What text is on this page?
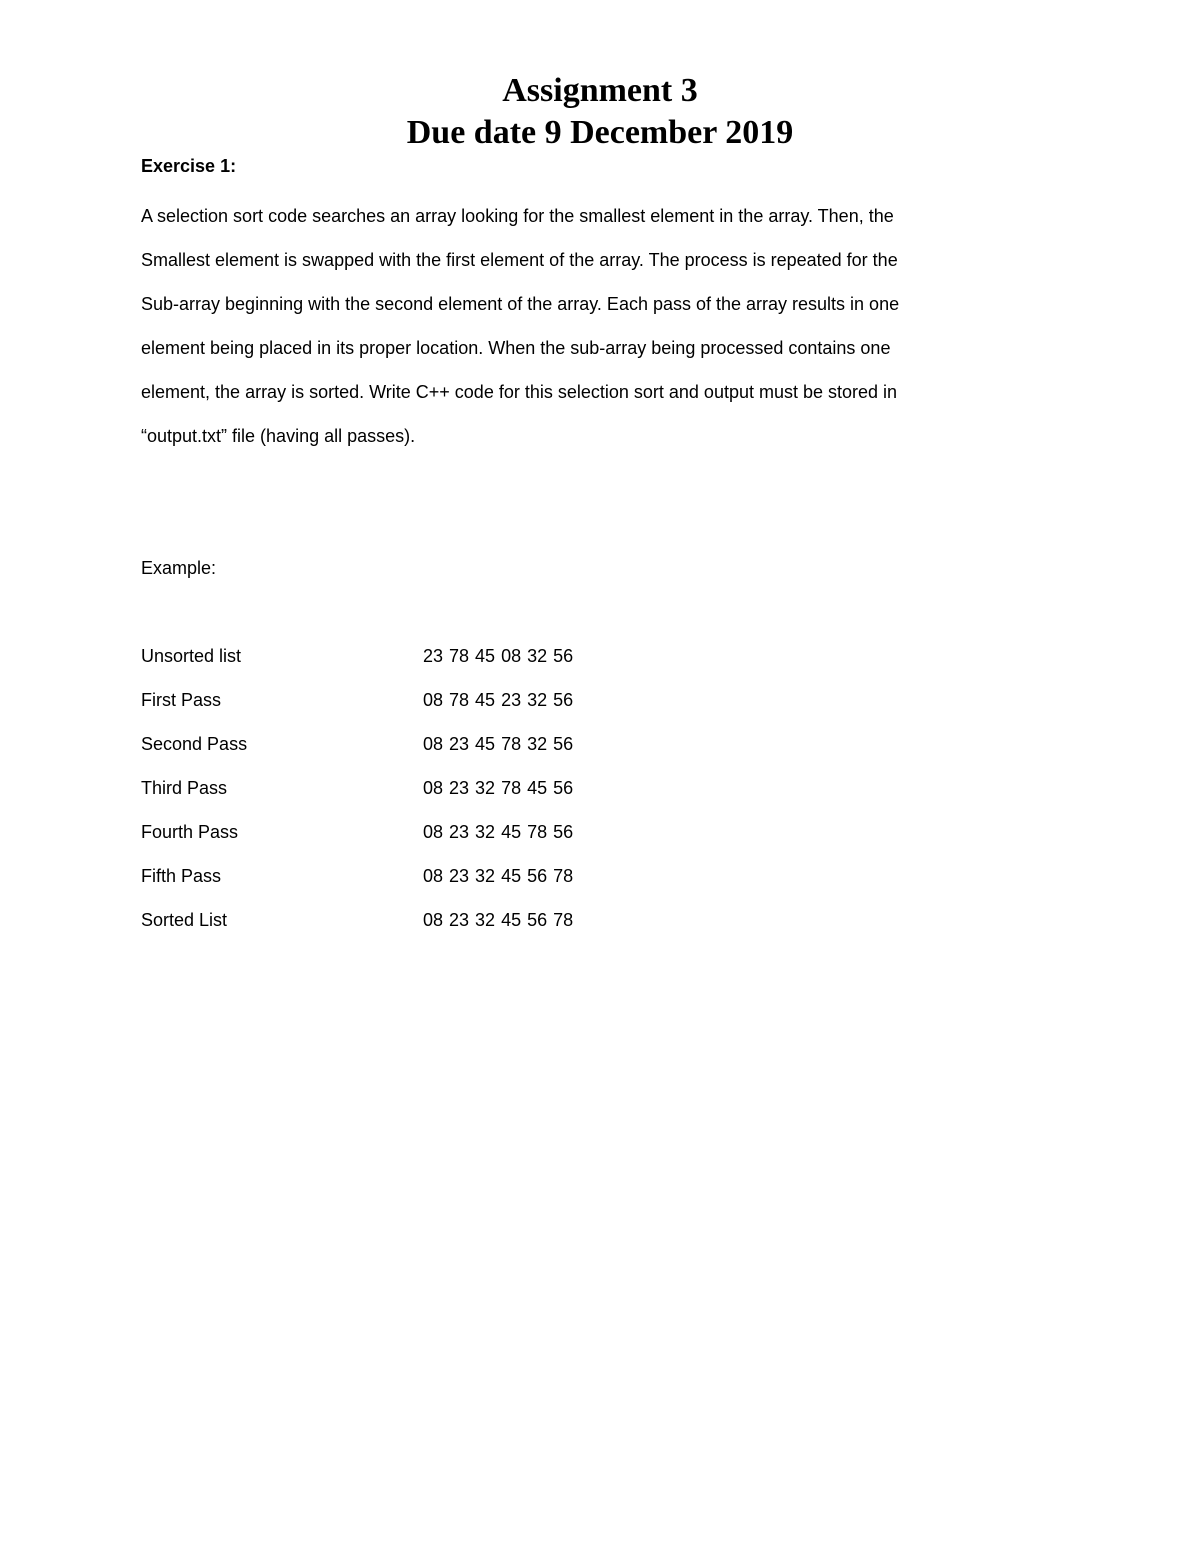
Assignment 3
Due date 9 December 2019

Exercise 1:

A selection sort code searches an array looking for the smallest element in the array. Then, the
Smallest element is swapped with the first element of the array. The process is repeated for the
Sub-array beginning with the second element of the array. Each pass of the array results in one
element being placed in its proper location. When the sub-array being processed contains one
element, the array is sorted. Write C++ code for this selection sort and output must be stored in
“output.txt” file (having all passes).

Example:

Unsorted list	23 78 45 08 32 56
First Pass	08 78 45 23 32 56
Second Pass	08 23 45 78 32 56
Third Pass	08 23 32 78 45 56
Fourth Pass	08 23 32 45 78 56
Fifth Pass	08 23 32 45 56 78
Sorted List	08 23 32 45 56 78
